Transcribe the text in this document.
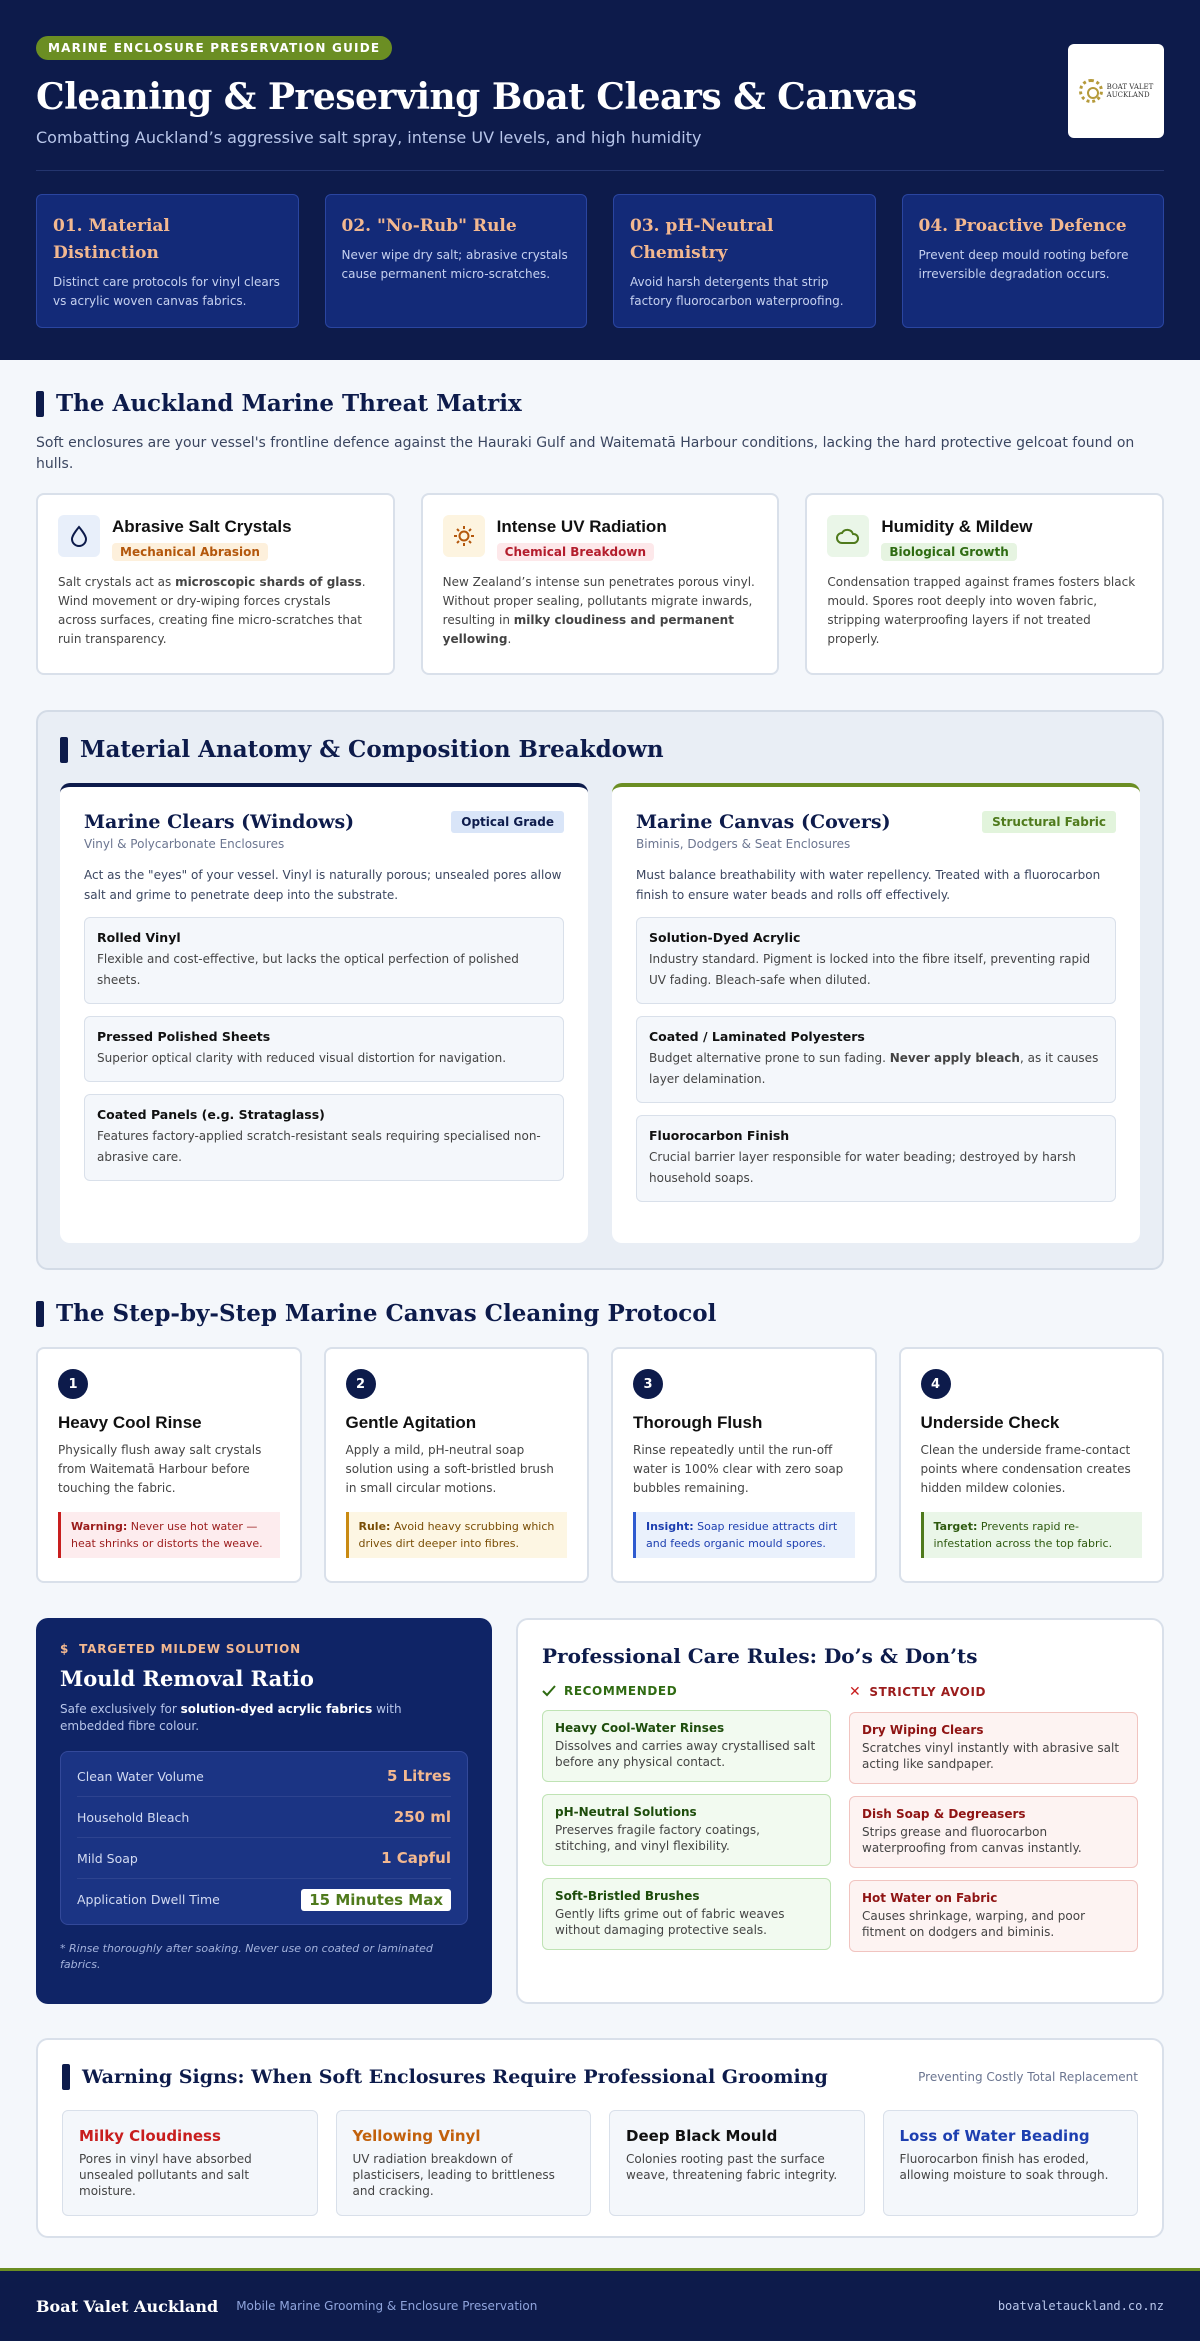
MARINE ENCLOSURE PRESERVATION GUIDE
Cleaning & Preserving Boat Clears & Canvas
Combatting Auckland’s aggressive salt spray, intense UV levels, and high humidity
BOAT VALET
AUCKLAND
01. Material Distinction

Distinct care protocols for vinyl clears vs acrylic woven canvas fabrics.

02. "No-Rub" Rule

Never wipe dry salt; abrasive crystals cause permanent micro-scratches.

03. pH-Neutral Chemistry

Avoid harsh detergents that strip factory fluorocarbon waterproofing.

04. Proactive Defence

Prevent deep mould rooting before irreversible degradation occurs.

The Auckland Marine Threat Matrix

Soft enclosures are your vessel's frontline defence against the Hauraki Gulf and Waitematā Harbour conditions, lacking the hard protective gelcoat found on hulls.

Abrasive Salt Crystals
Mechanical Abrasion

Salt crystals act as microscopic shards of glass. Wind movement or dry-wiping forces crystals across surfaces, creating fine micro-scratches that ruin transparency.

Intense UV Radiation
Chemical Breakdown

New Zealand’s intense sun penetrates porous vinyl. Without proper sealing, pollutants migrate inwards, resulting in milky cloudiness and permanent yellowing.

Humidity & Mildew
Biological Growth

Condensation trapped against frames fosters black mould. Spores root deeply into woven fabric, stripping waterproofing layers if not treated properly.

Material Anatomy & Composition Breakdown
Marine Clears (Windows)
Vinyl & Polycarbonate Enclosures
Optical Grade

Act as the "eyes" of your vessel. Vinyl is naturally porous; unsealed pores allow salt and grime to penetrate deep into the substrate.

Rolled Vinyl

Flexible and cost-effective, but lacks the optical perfection of polished sheets.

Pressed Polished Sheets

Superior optical clarity with reduced visual distortion for navigation.

Coated Panels (e.g. Strataglass)

Features factory-applied scratch-resistant seals requiring specialised non-abrasive care.

Marine Canvas (Covers)
Biminis, Dodgers & Seat Enclosures
Structural Fabric

Must balance breathability with water repellency. Treated with a fluorocarbon finish to ensure water beads and rolls off effectively.

Solution-Dyed Acrylic

Industry standard. Pigment is locked into the fibre itself, preventing rapid UV fading. Bleach-safe when diluted.

Coated / Laminated Polyesters

Budget alternative prone to sun fading. Never apply bleach, as it causes layer delamination.

Fluorocarbon Finish

Crucial barrier layer responsible for water beading; destroyed by harsh household soaps.

The Step-by-Step Marine Canvas Cleaning Protocol
1
Heavy Cool Rinse

Physically flush away salt crystals from Waitematā Harbour before touching the fabric.

Warning: Never use hot water — heat shrinks or distorts the weave.
2
Gentle Agitation

Apply a mild, pH-neutral soap solution using a soft-bristled brush in small circular motions.

Rule: Avoid heavy scrubbing which drives dirt deeper into fibres.
3
Thorough Flush

Rinse repeatedly until the run-off water is 100% clear with zero soap bubbles remaining.

Insight: Soap residue attracts dirt and feeds organic mould spores.
4
Underside Check

Clean the underside frame-contact points where condensation creates hidden mildew colonies.

Target: Prevents rapid re-infestation across the top fabric.
$ TARGETED MILDEW SOLUTION
Mould Removal Ratio

Safe exclusively for solution-dyed acrylic fabrics with embedded fibre colour.

Clean Water Volume	5 Litres
Household Bleach	250 ml
Mild Soap	1 Capful
Application Dwell Time	15 Minutes Max

* Rinse thoroughly after soaking. Never use on coated or laminated fabrics.

Professional Care Rules: Do’s & Don’ts
RECOMMENDED
Heavy Cool-Water Rinses

Dissolves and carries away crystallised salt before any physical contact.

pH-Neutral Solutions

Preserves fragile factory coatings, stitching, and vinyl flexibility.

Soft-Bristled Brushes

Gently lifts grime out of fabric weaves without damaging protective seals.

✕ STRICTLY AVOID
Dry Wiping Clears

Scratches vinyl instantly with abrasive salt acting like sandpaper.

Dish Soap & Degreasers

Strips grease and fluorocarbon waterproofing from canvas instantly.

Hot Water on Fabric

Causes shrinkage, warping, and poor fitment on dodgers and biminis.

Warning Signs: When Soft Enclosures Require Professional Grooming	Preventing Costly Total Replacement
Milky Cloudiness

Pores in vinyl have absorbed unsealed pollutants and salt moisture.

Yellowing Vinyl

UV radiation breakdown of plasticisers, leading to brittleness and cracking.

Deep Black Mould

Colonies rooting past the surface weave, threatening fabric integrity.

Loss of Water Beading

Fluorocarbon finish has eroded, allowing moisture to soak through.

Boat Valet Auckland Mobile Marine Grooming & Enclosure Preservation	boatvaletauckland.co.nz
